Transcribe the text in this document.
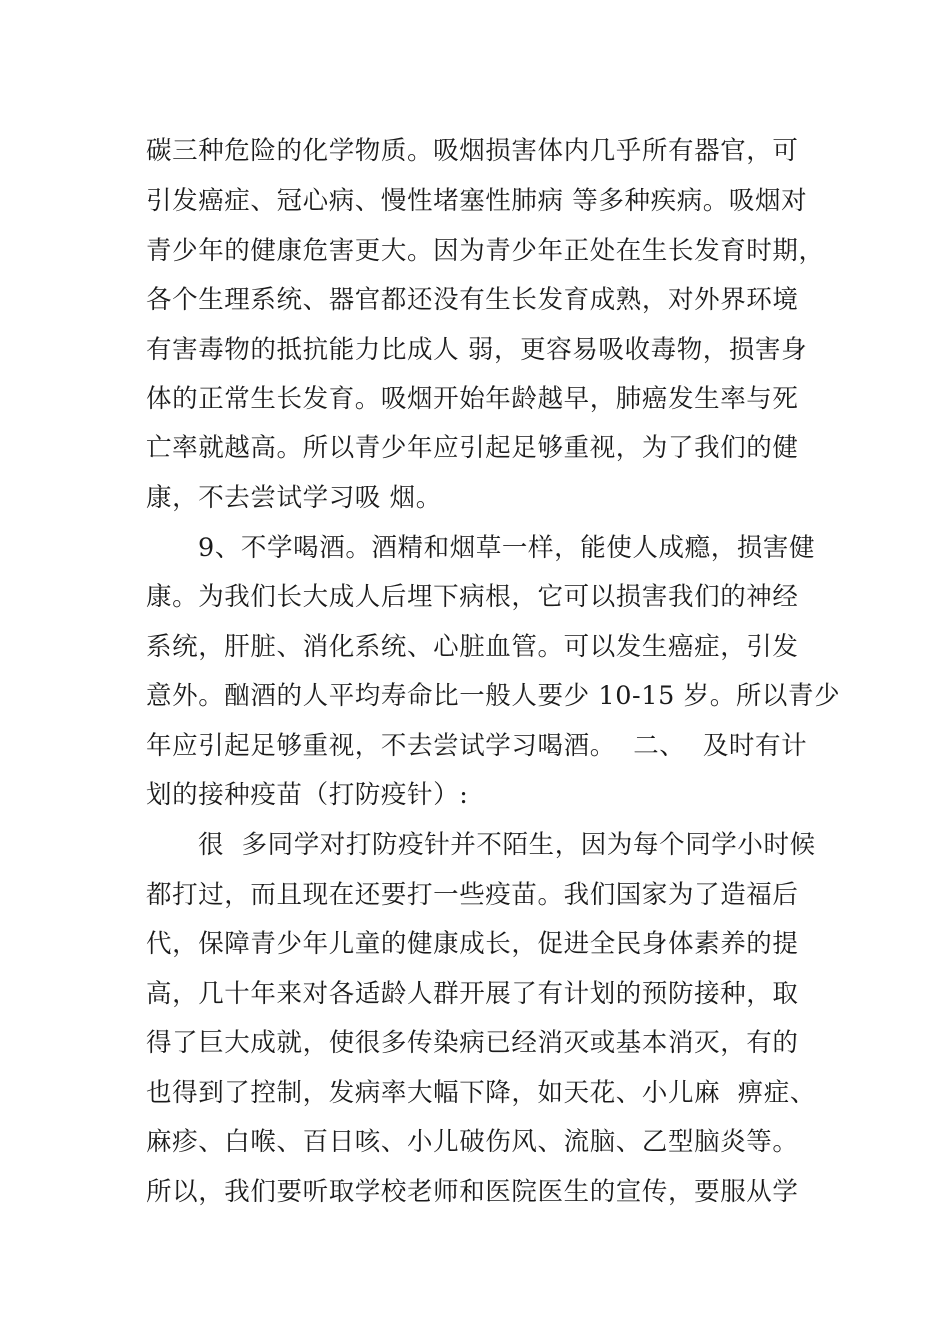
碳三种危险的化学物质。吸烟损害体内几乎所有器官，可
引发癌症、冠心病、慢性堵塞性肺病 等多种疾病。吸烟对
青少年的健康危害更大。因为青少年正处在生长发育时期，
各个生理系统、器官都还没有生长发育成熟，对外界环境
有害毒物的抵抗能力比成人 弱，更容易吸收毒物，损害身
体的正常生长发育。吸烟开始年龄越早，肺癌发生率与死
亡率就越高。所以青少年应引起足够重视，为了我们的健
康，不去尝试学习吸 烟。
9、不学喝酒。酒精和烟草一样，能使人成瘾，损害健
康。为我们长大成人后埋下病根，它可以损害我们的神经
系统，肝脏、消化系统、心脏血管。可以发生癌症，引发
意外。酗酒的人平均寿命比一般人要少 10-15 岁。所以青少
年应引起足够重视，不去尝试学习喝酒。  二、  及时有计
划的接种疫苗（打防疫针）:
很  多同学对打防疫针并不陌生，因为每个同学小时候
都打过，而且现在还要打一些疫苗。我们国家为了造福后
代，保障青少年儿童的健康成长，促进全民身体素养的提
高，几十年来对各适龄人群开展了有计划的预防接种，取
得了巨大成就，使很多传染病已经消灭或基本消灭，有的
也得到了控制，发病率大幅下降，如天花、小儿麻  痹症、
麻疹、白喉、百日咳、小儿破伤风、流脑、乙型脑炎等。
所以，我们要听取学校老师和医院医生的宣传，要服从学
